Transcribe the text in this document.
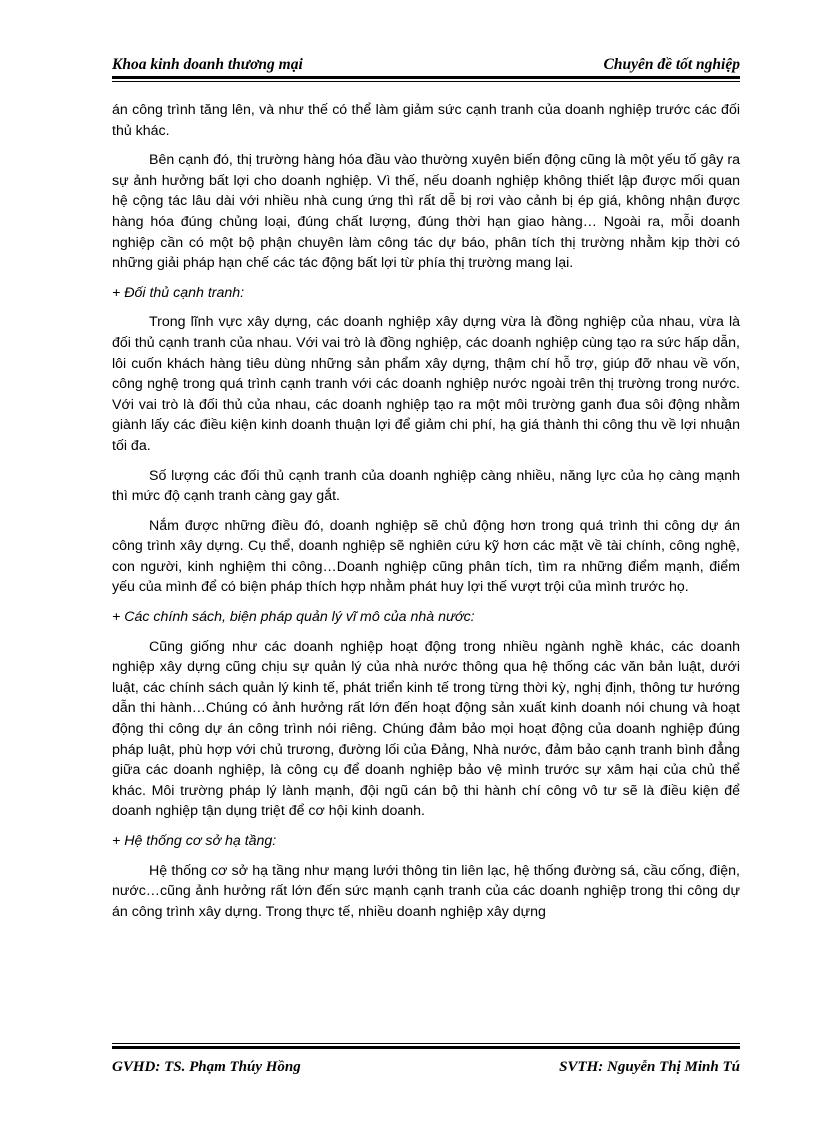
Khoa kinh doanh thương mại	Chuyên đề tốt nghiệp

án công trình tăng lên, và như thế có thể làm giảm sức cạnh tranh của doanh nghiệp trước các đối thủ khác.

Bên cạnh đó, thị trường hàng hóa đầu vào thường xuyên biến động cũng là một yếu tố gây ra sự ảnh hưởng bất lợi cho doanh nghiệp. Vì thế, nếu doanh nghiệp không thiết lập được mối quan hệ cộng tác lâu dài với nhiều nhà cung ứng thì rất dễ bị rơi vào cảnh bị ép giá, không nhận được hàng hóa đúng chủng loại, đúng chất lượng, đúng thời hạn giao hàng… Ngoài ra, mỗi doanh nghiệp cần có một bộ phận chuyên làm công tác dự báo, phân tích thị trường nhằm kịp thời có những giải pháp hạn chế các tác động bất lợi từ phía thị trường mang lại.

+ Đối thủ cạnh tranh:

Trong lĩnh vực xây dựng, các doanh nghiệp xây dựng vừa là đồng nghiệp của nhau, vừa là đối thủ cạnh tranh của nhau. Với vai trò là đồng nghiệp, các doanh nghiệp cùng tạo ra sức hấp dẫn, lôi cuốn khách hàng tiêu dùng những sản phẩm xây dựng, thậm chí hỗ trợ, giúp đỡ nhau về vốn, công nghệ trong quá trình cạnh tranh với các doanh nghiệp nước ngoài trên thị trường trong nước. Với vai trò là đối thủ của nhau, các doanh nghiệp tạo ra một môi trường ganh đua sôi động nhằm giành lấy các điều kiện kinh doanh thuận lợi để giảm chi phí, hạ giá thành thi công thu về lợi nhuận tối đa.

Số lượng các đối thủ cạnh tranh của doanh nghiệp càng nhiều, năng lực của họ càng mạnh thì mức độ cạnh tranh càng gay gắt.

Nắm được những điều đó, doanh nghiệp sẽ chủ động hơn trong quá trình thi công dự án công trình xây dựng. Cụ thể, doanh nghiệp sẽ nghiên cứu kỹ hơn các mặt về tài chính, công nghệ, con người, kinh nghiệm thi công…Doanh nghiệp cũng phân tích, tìm ra những điểm mạnh, điểm yếu của mình để có biện pháp thích hợp nhằm phát huy lợi thế vượt trội của mình trước họ.

+ Các chính sách, biện pháp quản lý vĩ mô của nhà nước:

Cũng giống như các doanh nghiệp hoạt động trong nhiều ngành nghề khác, các doanh nghiệp xây dựng cũng chịu sự quản lý của nhà nước thông qua hệ thống các văn bản luật, dưới luật, các chính sách quản lý kinh tế, phát triển kinh tế trong từng thời kỳ, nghị định, thông tư hướng dẫn thi hành…Chúng có ảnh hưởng rất lớn đến hoạt động sản xuất kinh doanh nói chung và hoạt động thi công dự án công trình nói riêng. Chúng đảm bảo mọi hoạt động của doanh nghiệp đúng pháp luật, phù hợp với chủ trương, đường lối của Đảng, Nhà nước, đảm bảo cạnh tranh bình đẳng giữa các doanh nghiệp, là công cụ để doanh nghiệp bảo vệ mình trước sự xâm hại của chủ thể khác. Môi trường pháp lý lành mạnh, đội ngũ cán bộ thi hành chí công vô tư sẽ là điều kiện để doanh nghiệp tận dụng triệt để cơ hội kinh doanh.

+ Hệ thống cơ sở hạ tầng:

Hệ thống cơ sở hạ tầng như mạng lưới thông tin liên lạc, hệ thống đường sá, cầu cống, điện, nước…cũng ảnh hưởng rất lớn đến sức mạnh cạnh tranh của các doanh nghiệp trong thi công dự án công trình xây dựng. Trong thực tế, nhiều doanh nghiệp xây dựng

GVHD: TS. Phạm Thúy Hồng	SVTH: Nguyễn Thị Minh Tú
